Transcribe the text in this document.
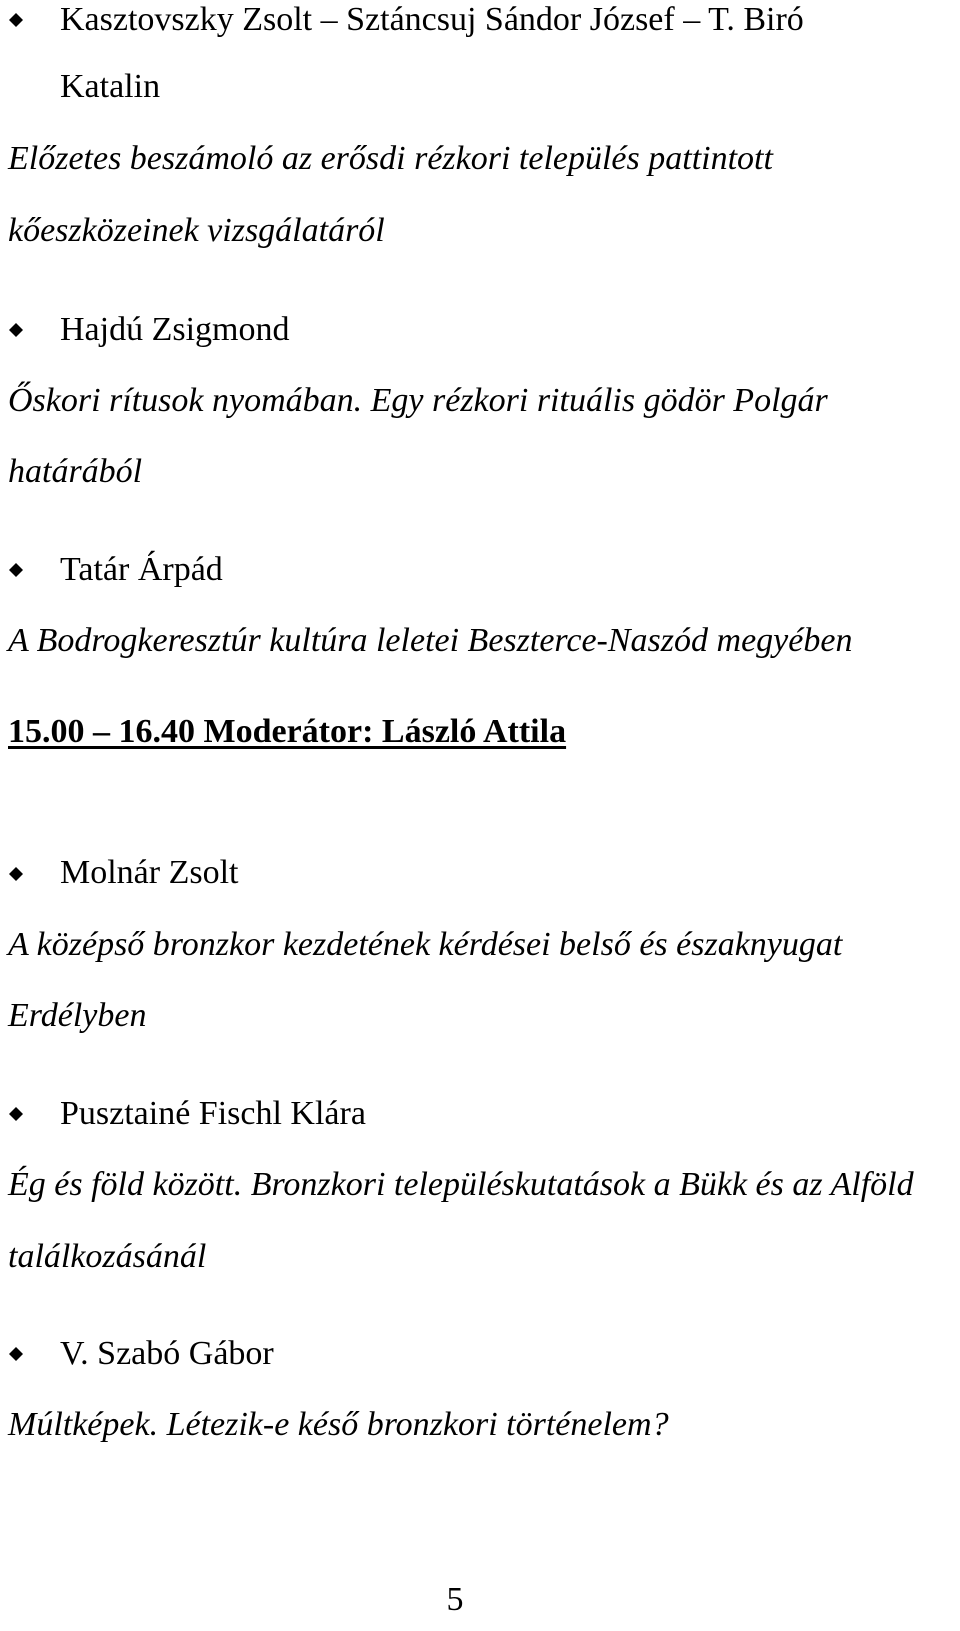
Kasztovszky Zsolt – Sztáncsuj Sándor József – T. Biró
Katalin
Előzetes beszámoló az erősdi rézkori település pattintott
kőeszközeinek vizsgálatáról
Hajdú Zsigmond
Őskori rítusok nyomában. Egy rézkori rituális gödör Polgár
határából
Tatár Árpád
A Bodrogkeresztúr kultúra leletei Beszterce-Naszód megyében
15.00 – 16.40 Moderátor: László Attila
Molnár Zsolt
A középső bronzkor kezdetének kérdései belső és északnyugat
Erdélyben
Pusztainé Fischl Klára
Ég és föld között. Bronzkori településkutatások a Bükk és az Alföld
találkozásánál
V. Szabó Gábor
Múltképek. Létezik-e késő bronzkori történelem?
5
